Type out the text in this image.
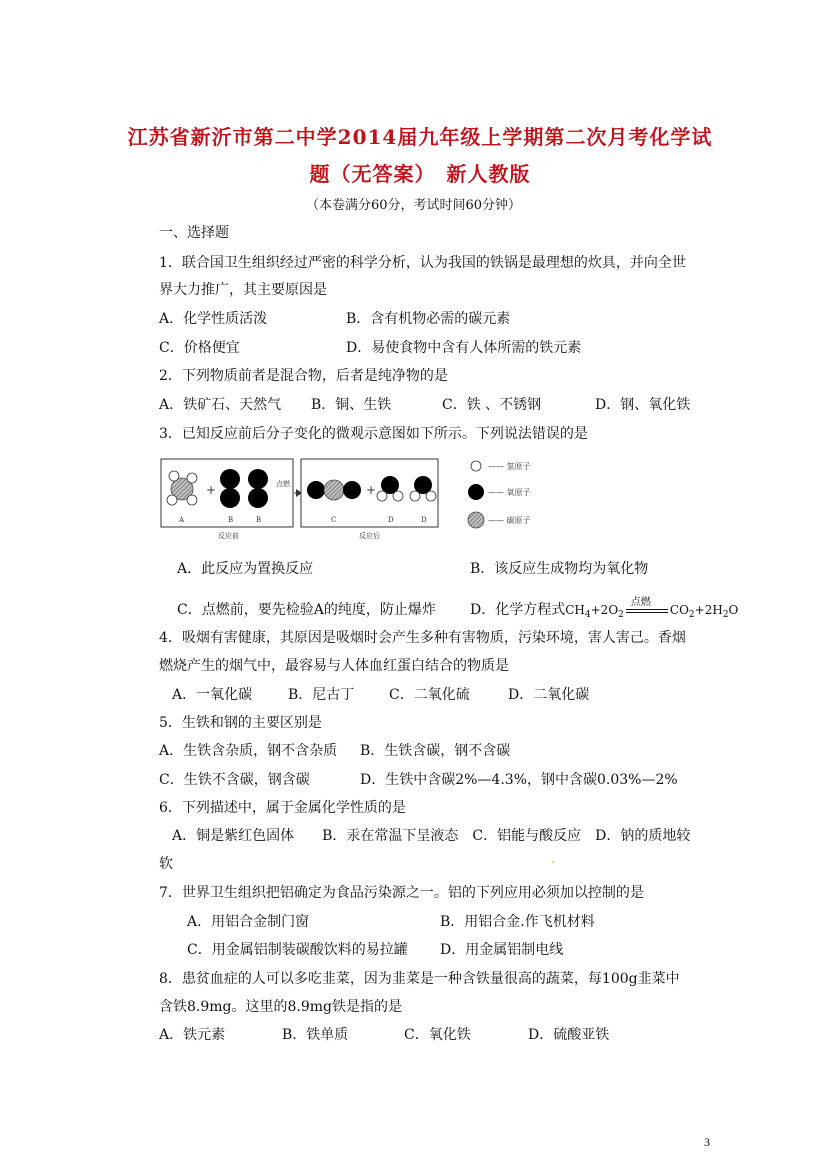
江苏省新沂市第二中学2014届九年级上学期第二次月考化学试
题（无答案）　新人教版
（本卷满分60分，考试时间60分钟）
一、选择题
1．联合国卫生组织经过严密的科学分析，认为我国的铁锅是最理想的炊具，并向全世
界大力推广，其主要原因是
A．化学性质活泼	B．含有机物必需的碳元素
C．价格便宜	D．易使食物中含有人体所需的铁元素
2．下列物质前者是混合物，后者是纯净物的是
A．铁矿石、天然气 B．铜、生铁	C．铁 、不锈钢	D．钢、氧化铁
3．已知反应前后分子变化的微观示意图如下所示。下列说法错误的是
+
A	B	B
反应前
点燃	+
C	D	D
反应后
—— 氢原子
—— 氧原子
—— 碳原子
A．此反应为置换反应	B．该反应生成物均为氧化物
C．点燃前，要先检验A的纯度，防止爆炸 D．化学方程式$CH_4+2O_2$
点燃
$CO_2+2H_2O$
4．吸烟有害健康，其原因是吸烟时会产生多种有害物质，污染环境，害人害己。香烟
燃烧产生的烟气中，最容易与人体血红蛋白结合的物质是
A．一氧化碳	B．尼古丁 C．二氧化硫	D．二氧化碳
5．生铁和钢的主要区别是
A．生铁含杂质，钢不含杂质 B．生铁含碳，钢不含碳
C．生铁不含碳，钢含碳	D．生铁中含碳2%—4.3%，钢中含碳0.03%—2%
6．下列描述中，属于金属化学性质的是
A．铜是紫红色固体　　B．汞在常温下呈液态　C．铝能与酸反应　D．钠的质地较
软
7．世界卫生组织把铝确定为食品污染源之一。铝的下列应用必须加以控制的是
A．用铝合金制门窗	B．用铝合金.作飞机材料
C．用金属铝制装碳酸饮料的易拉罐 D．用金属铝制电线
8．患贫血症的人可以多吃韭菜，因为韭菜是一种含铁量很高的蔬菜，每100g韭菜中
含铁8.9mg。这里的8.9mg铁是指的是
A．铁元素	B．铁单质	C．氧化铁	D．硫酸亚铁
3
